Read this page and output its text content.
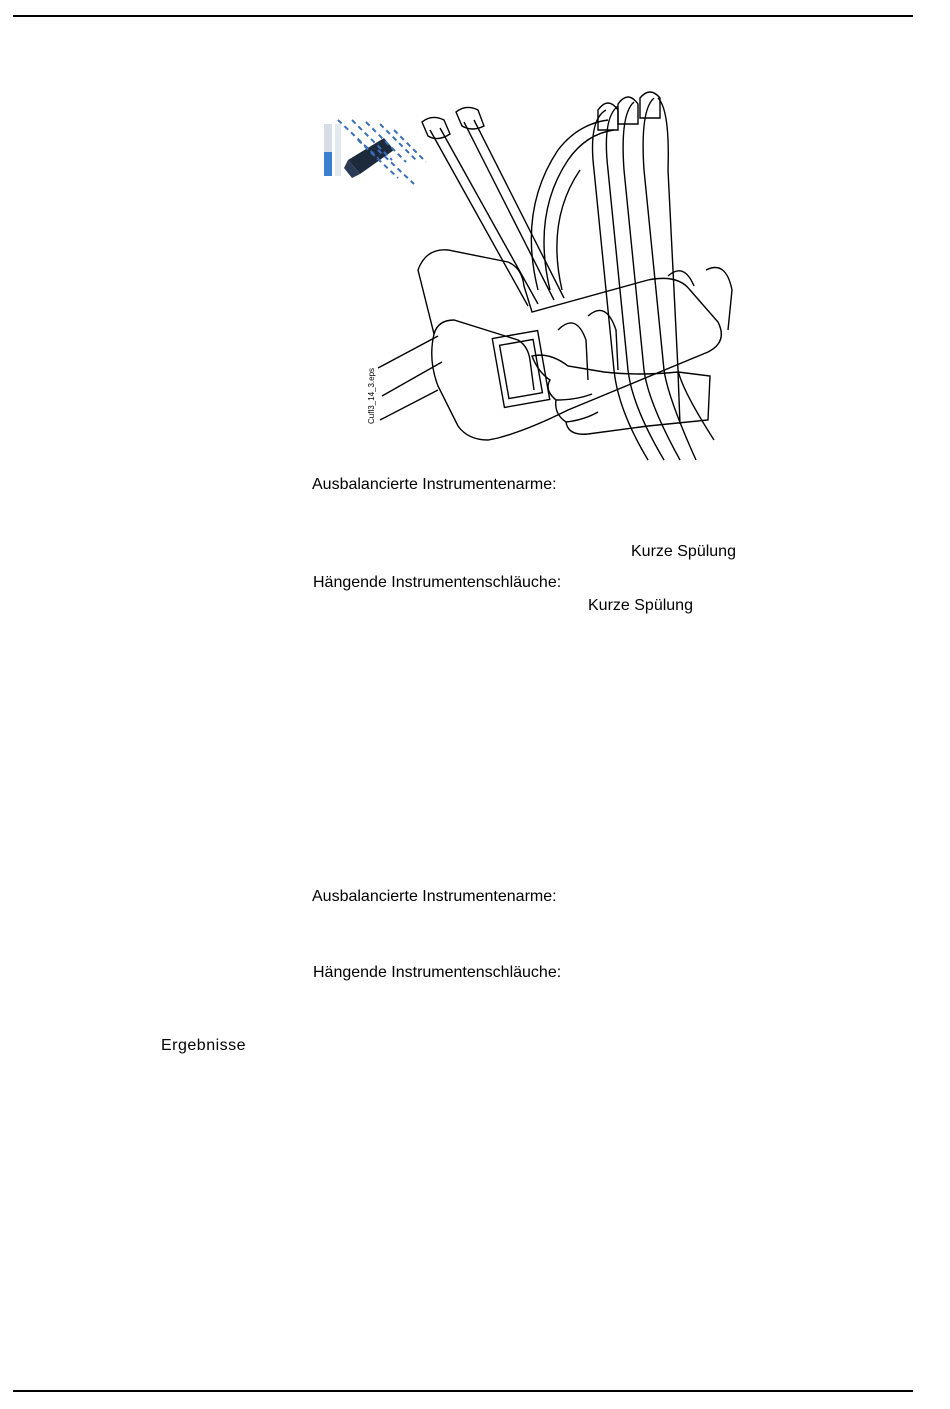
Cufl3_14_3.eps
Ausbalancierte Instrumentenarme:
Kurze Spülung
Hängende Instrumentenschläuche:
Kurze Spülung
Ausbalancierte Instrumentenarme:
Hängende Instrumentenschläuche:
Ergebnisse
